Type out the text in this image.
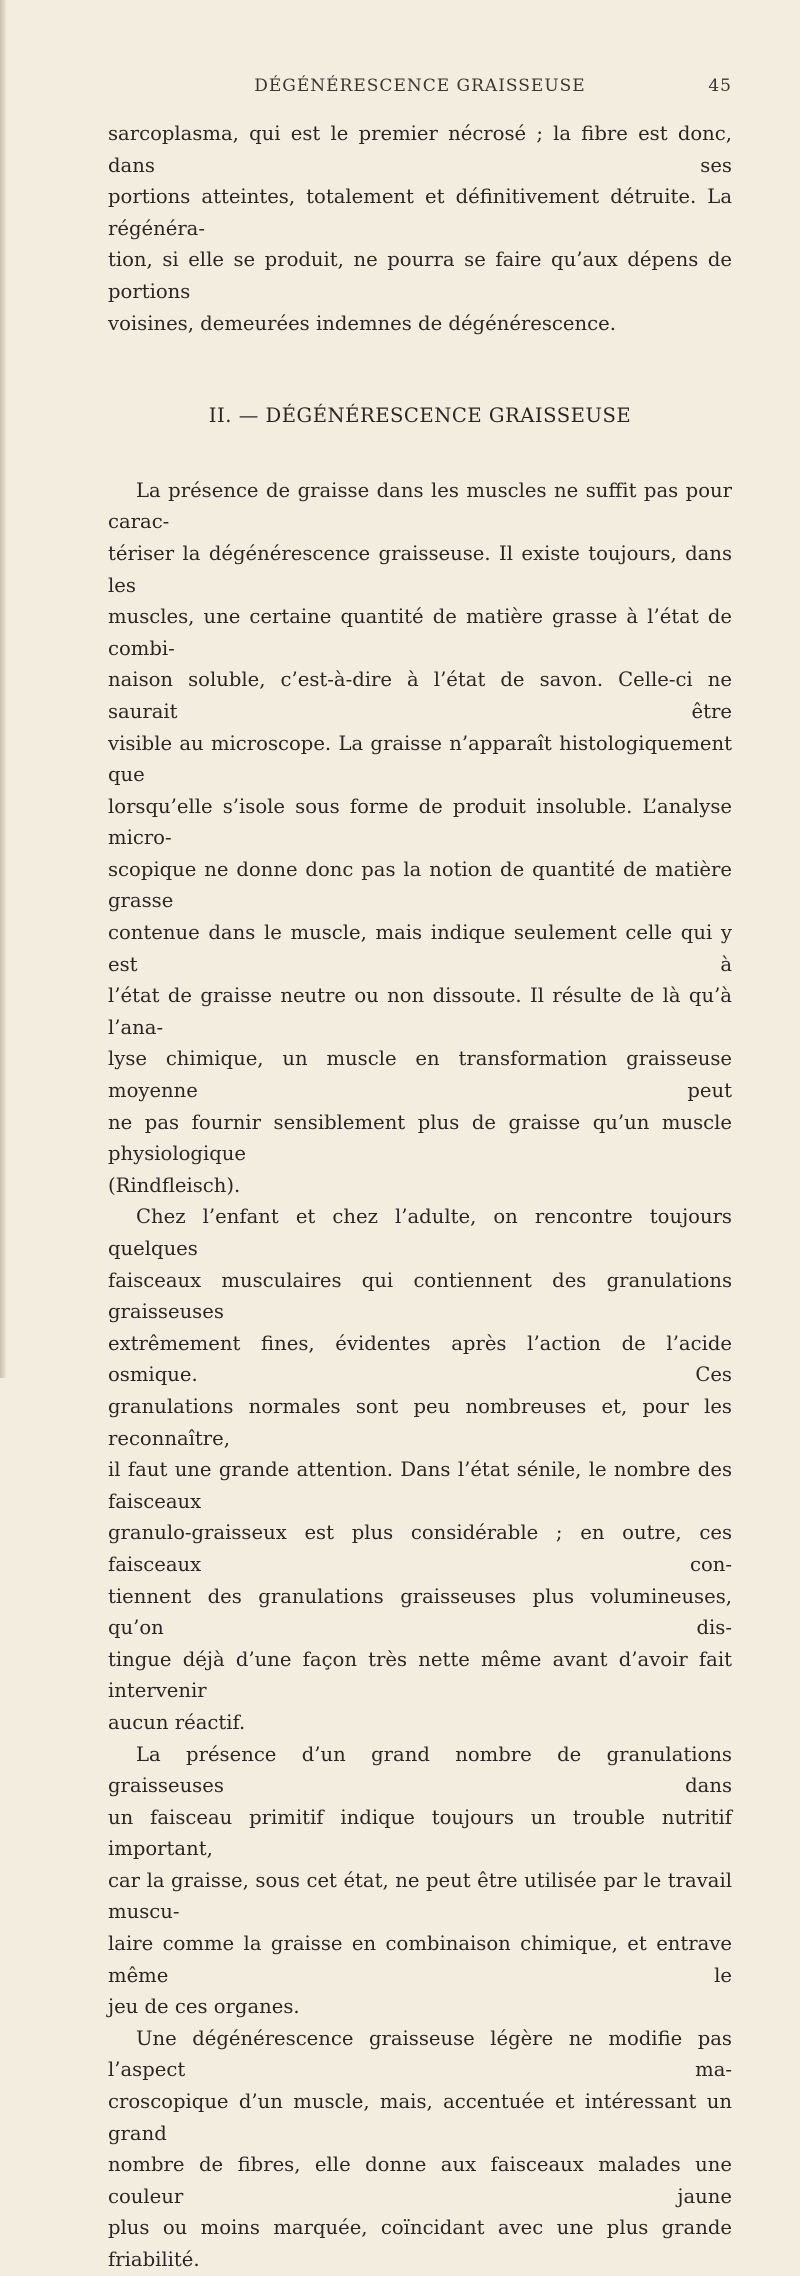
DÉGÉNÉRESCENCE GRAISSEUSE	45

sarcoplasma, qui est le premier nécrosé ; la fibre est donc, dans ses

portions atteintes, totalement et définitivement détruite. La régénéra-

tion, si elle se produit, ne pourra se faire qu’aux dépens de portions

voisines, demeurées indemnes de dégénérescence.

II. — DÉGÉNÉRESCENCE GRAISSEUSE

La présence de graisse dans les muscles ne suffit pas pour carac-

tériser la dégénérescence graisseuse. Il existe toujours, dans les

muscles, une certaine quantité de matière grasse à l’état de combi-

naison soluble, c’est-à-dire à l’état de savon. Celle-ci ne saurait être

visible au microscope. La graisse n’apparaît histologiquement que

lorsqu’elle s’isole sous forme de produit insoluble. L’analyse micro-

scopique ne donne donc pas la notion de quantité de matière grasse

contenue dans le muscle, mais indique seulement celle qui y est à

l’état de graisse neutre ou non dissoute. Il résulte de là qu’à l’ana-

lyse chimique, un muscle en transformation graisseuse moyenne peut

ne pas fournir sensiblement plus de graisse qu’un muscle physiologique

(Rindfleisch).

Chez l’enfant et chez l’adulte, on rencontre toujours quelques

faisceaux musculaires qui contiennent des granulations graisseuses

extrêmement fines, évidentes après l’action de l’acide osmique. Ces

granulations normales sont peu nombreuses et, pour les reconnaître,

il faut une grande attention. Dans l’état sénile, le nombre des faisceaux

granulo-graisseux est plus considérable ; en outre, ces faisceaux con-

tiennent des granulations graisseuses plus volumineuses, qu’on dis-

tingue déjà d’une façon très nette même avant d’avoir fait intervenir

aucun réactif.

La présence d’un grand nombre de granulations graisseuses dans

un faisceau primitif indique toujours un trouble nutritif important,

car la graisse, sous cet état, ne peut être utilisée par le travail muscu-

laire comme la graisse en combinaison chimique, et entrave même le

jeu de ces organes.

Une dégénérescence graisseuse légère ne modifie pas l’aspect ma-

croscopique d’un muscle, mais, accentuée et intéressant un grand

nombre de fibres, elle donne aux faisceaux malades une couleur jaune

plus ou moins marquée, coïncidant avec une plus grande friabilité.
